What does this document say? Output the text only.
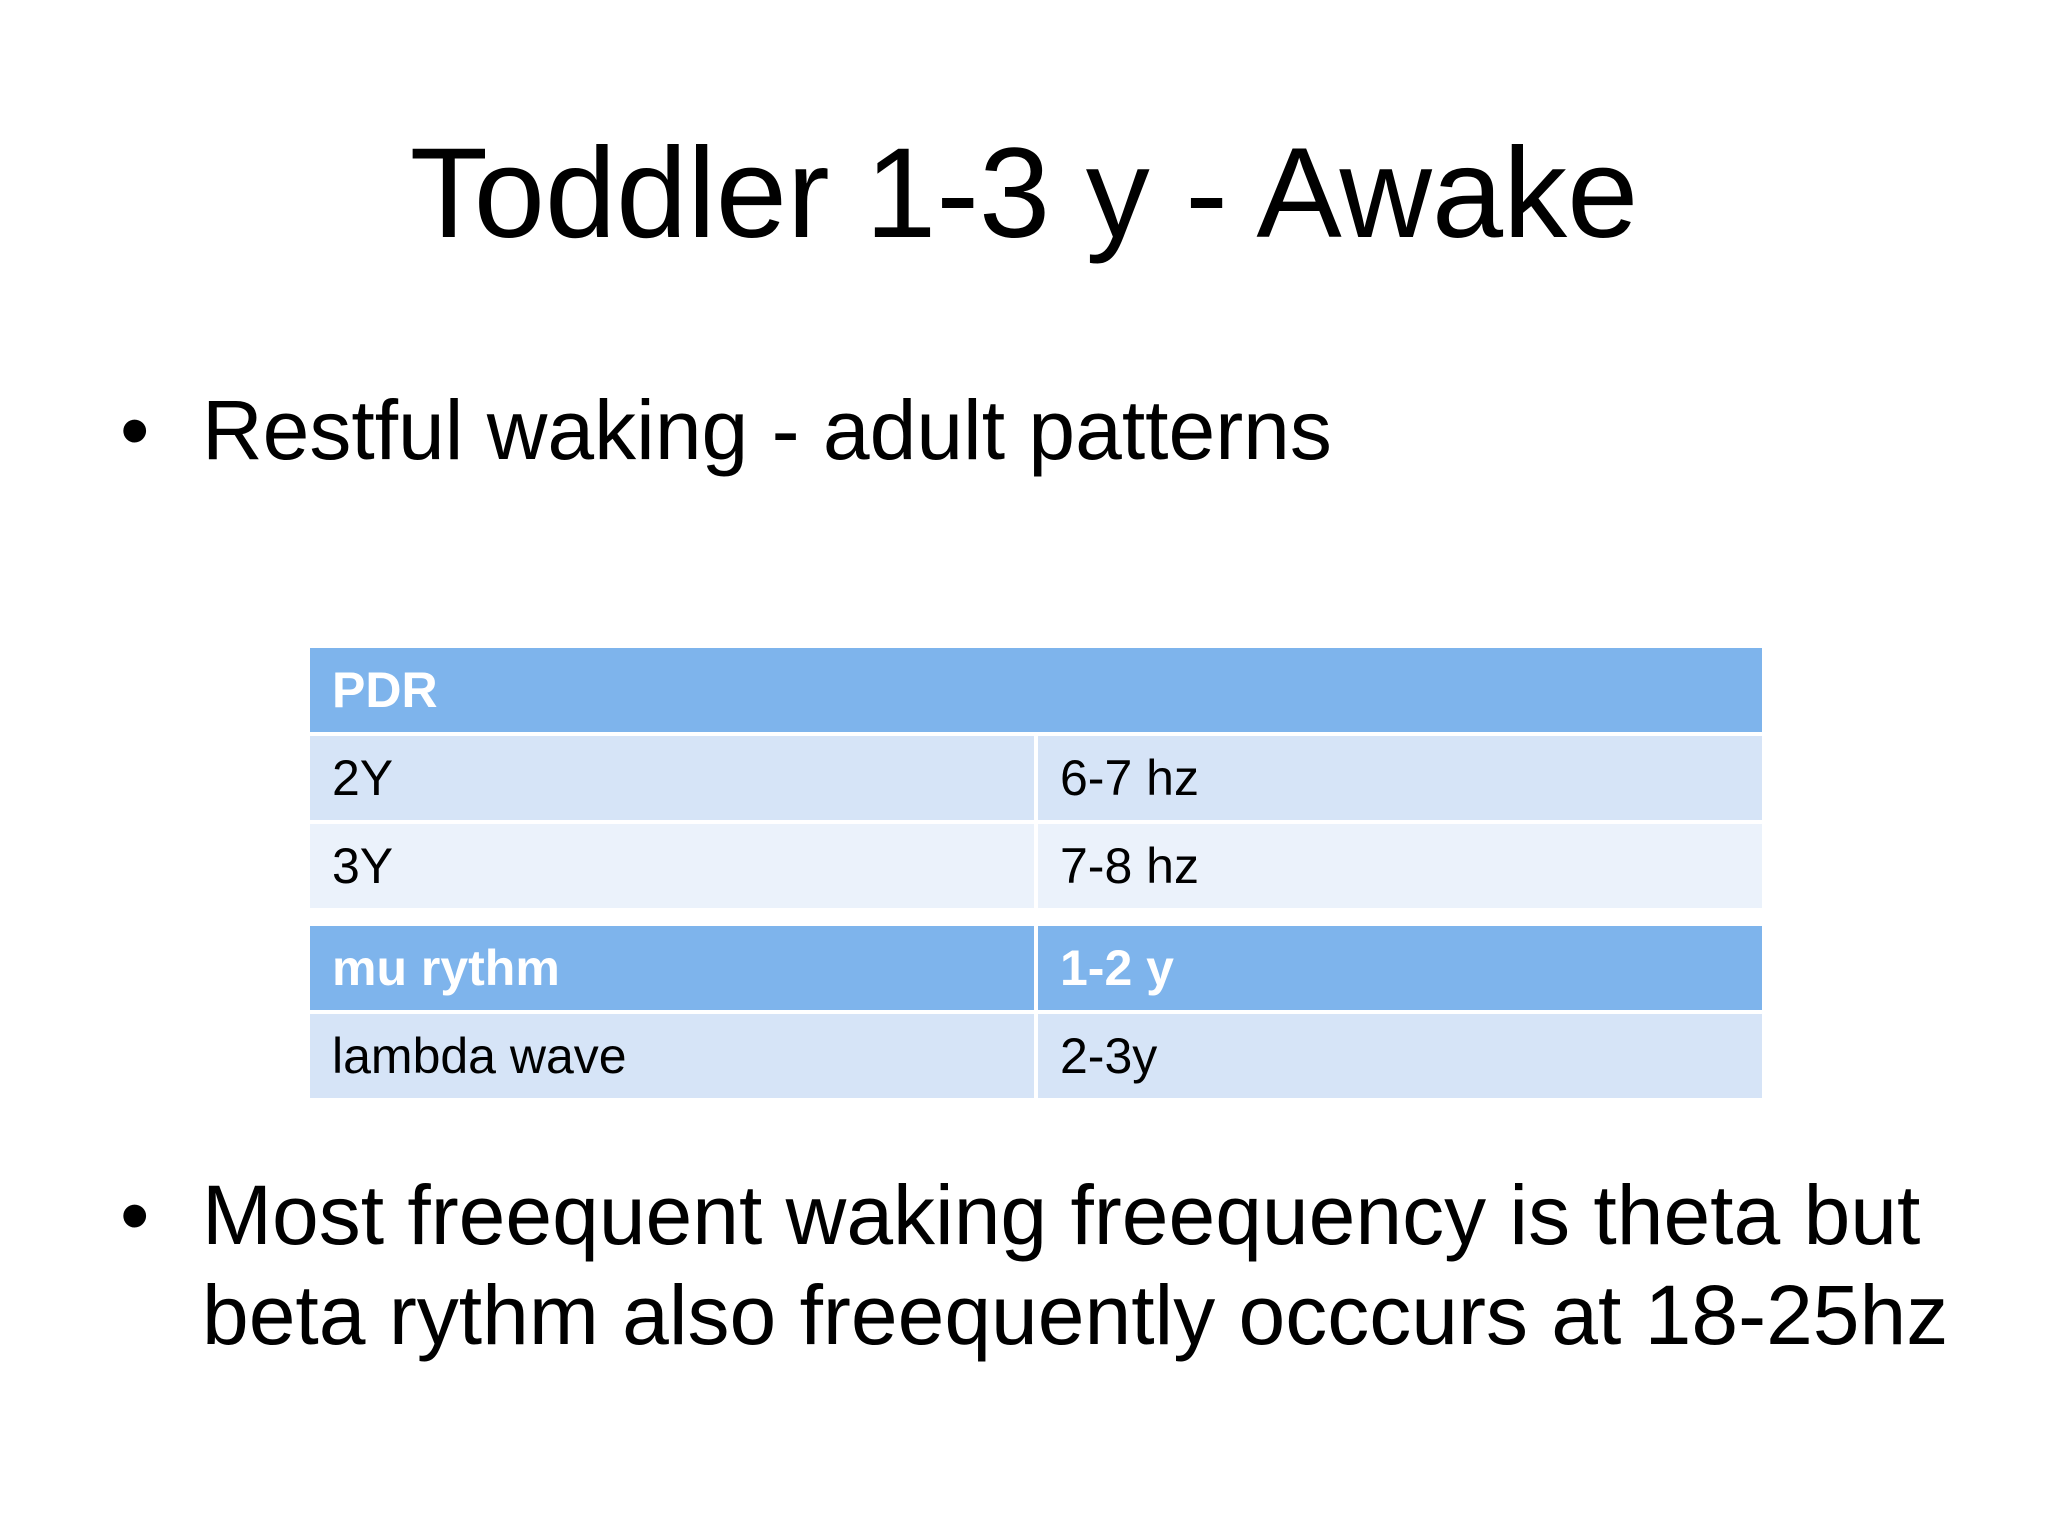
Toddler 1-3 y - Awake
• Restful waking - adult patterns
PDR
2Y	6-7 hz
3Y	7-8 hz
mu rythm	1-2 y
lambda wave	2-3y
• Most freequent waking freequency is theta but
beta rythm also freequently occcurs at 18-25hz
